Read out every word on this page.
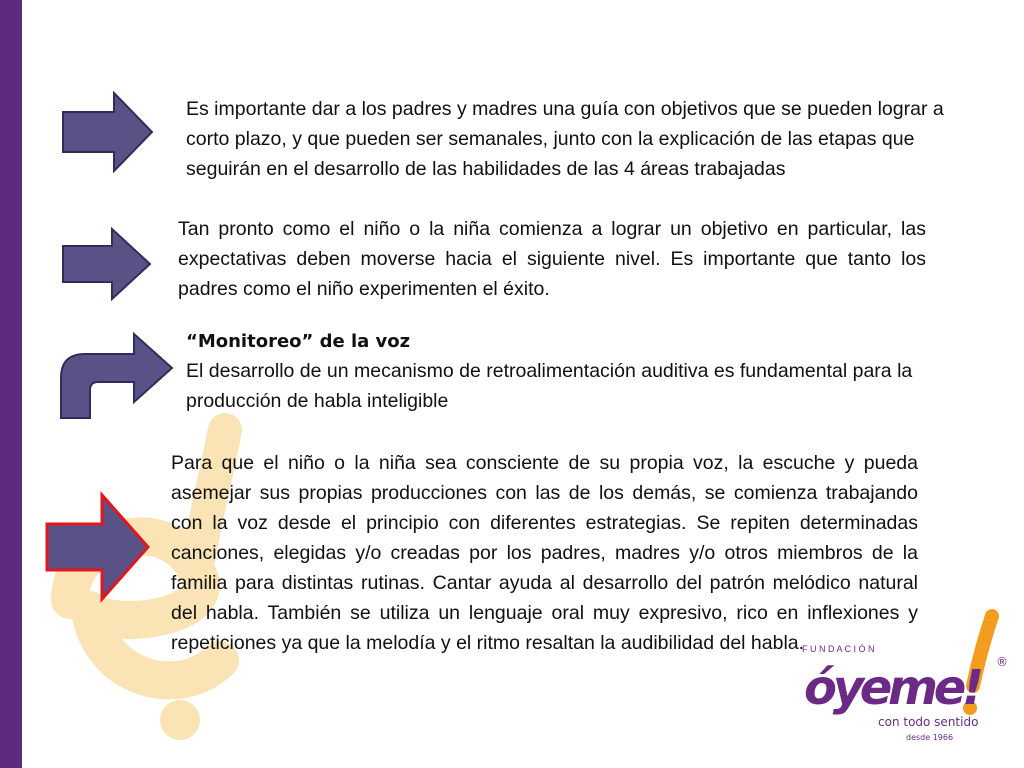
Es importante dar a los padres y madres una guía con objetivos que se pueden lograr a corto plazo, y que pueden ser semanales, junto con la explicación de las etapas que seguirán en el desarrollo de las habilidades de las 4 áreas trabajadas
Tan pronto como el niño o la niña comienza a lograr un objetivo en particular, las expectativas deben moverse hacia el siguiente nivel. Es importante que tanto los padres como el niño experimenten el éxito.
“Monitoreo” de la voz
El desarrollo de un mecanismo de retroalimentación auditiva es fundamental para la producción de habla inteligible
Para que el niño o la niña sea consciente de su propia voz, la escuche y pueda asemejar sus propias producciones con las de los demás, se comienza trabajando con la voz desde el principio con diferentes estrategias. Se repiten determinadas canciones, elegidas y/o creadas por los padres, madres y/o otros miembros de la familia para distintas rutinas. Cantar ayuda al desarrollo del patrón melódico natural del habla. También se utiliza un lenguaje oral muy expresivo, rico en inflexiones y repeticiones ya que la melodía y el ritmo resaltan la audibilidad del habla.
F U N D A C I Ó N
óyeme! ®
con todo sentido
desde 1966
